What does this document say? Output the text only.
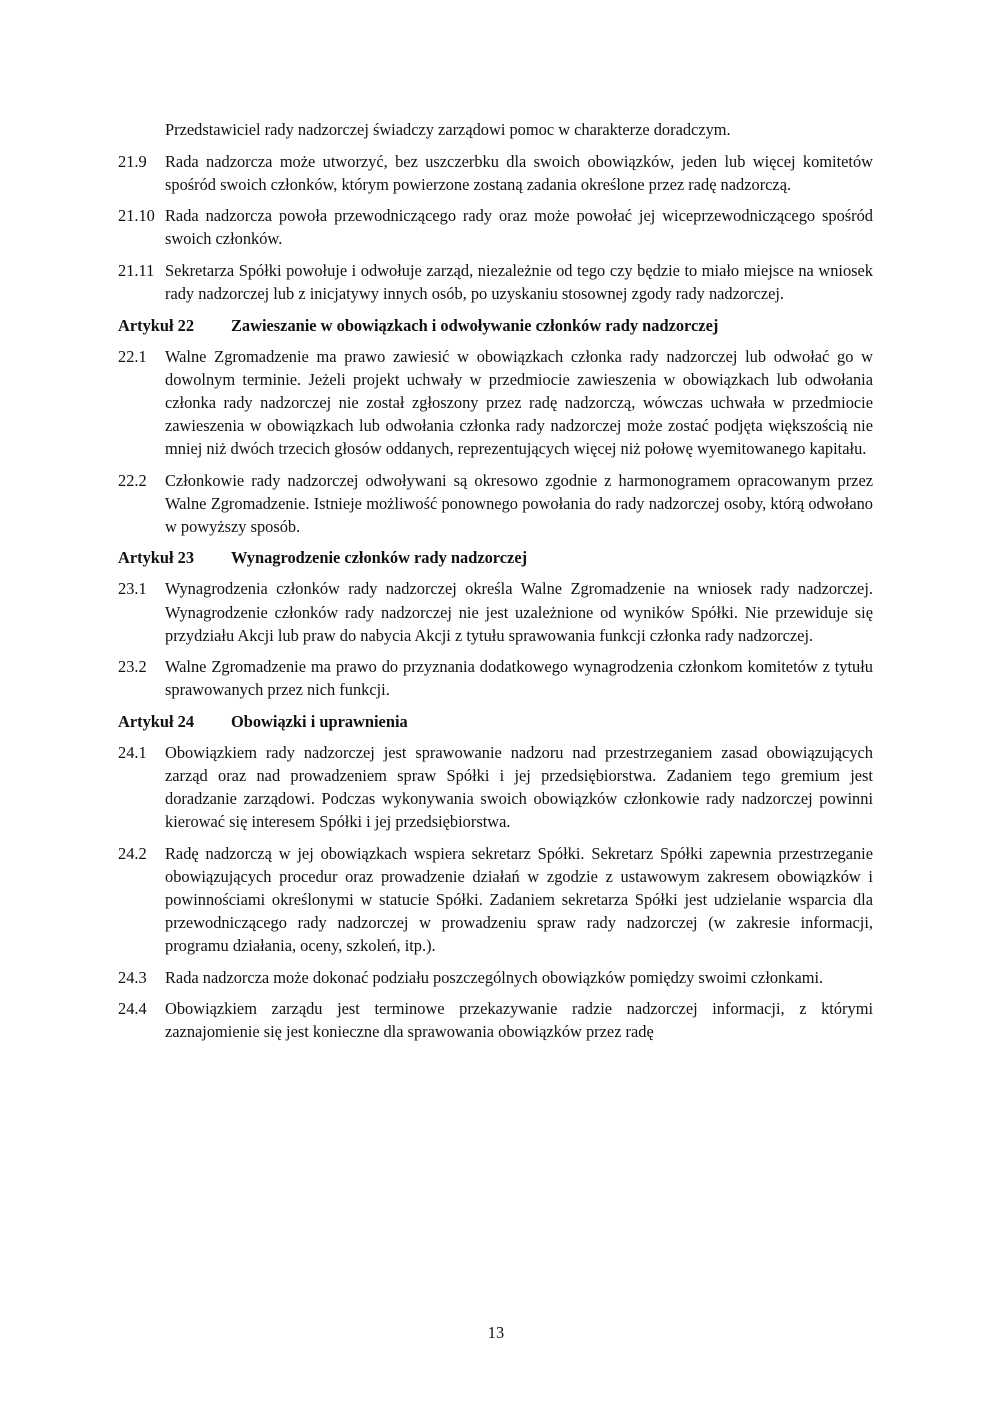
Przedstawiciel rady nadzorczej świadczy zarządowi pomoc w charakterze doradczym.
21.9	Rada nadzorcza może utworzyć, bez uszczerbku dla swoich obowiązków, jeden lub więcej komitetów spośród swoich członków, którym powierzone zostaną zadania określone przez radę nadzorczą.
21.10 Rada nadzorcza powoła przewodniczącego rady oraz może powołać jej wiceprzewodniczącego spośród swoich członków.
21.11 Sekretarza Spółki powołuje i odwołuje zarząd, niezależnie od tego czy będzie to miało miejsce na wniosek rady nadzorczej lub z inicjatywy innych osób, po uzyskaniu stosownej zgody rady nadzorczej.
Artykuł 22	Zawieszanie w obowiązkach i odwoływanie członków rady nadzorczej
22.1	Walne Zgromadzenie ma prawo zawiesić w obowiązkach członka rady nadzorczej lub odwołać go w dowolnym terminie. Jeżeli projekt uchwały w przedmiocie zawieszenia w obowiązkach lub odwołania członka rady nadzorczej nie został zgłoszony przez radę nadzorczą, wówczas uchwała w przedmiocie zawieszenia w obowiązkach lub odwołania członka rady nadzorczej może zostać podjęta większością nie mniej niż dwóch trzecich głosów oddanych, reprezentujących więcej niż połowę wyemitowanego kapitału.
22.2	Członkowie rady nadzorczej odwoływani są okresowo zgodnie z harmonogramem opracowanym przez Walne Zgromadzenie. Istnieje możliwość ponownego powołania do rady nadzorczej osoby, którą odwołano w powyższy sposób.
Artykuł 23	Wynagrodzenie członków rady nadzorczej
23.1	Wynagrodzenia członków rady nadzorczej określa Walne Zgromadzenie na wniosek rady nadzorczej. Wynagrodzenie członków rady nadzorczej nie jest uzależnione od wyników Spółki. Nie przewiduje się przydziału Akcji lub praw do nabycia Akcji z tytułu sprawowania funkcji członka rady nadzorczej.
23.2	Walne Zgromadzenie ma prawo do przyznania dodatkowego wynagrodzenia członkom komitetów z tytułu sprawowanych przez nich funkcji.
Artykuł 24	Obowiązki i uprawnienia
24.1	Obowiązkiem rady nadzorczej jest sprawowanie nadzoru nad przestrzeganiem zasad obowiązujących zarząd oraz nad prowadzeniem spraw Spółki i jej przedsiębiorstwa. Zadaniem tego gremium jest doradzanie zarządowi. Podczas wykonywania swoich obowiązków członkowie rady nadzorczej powinni kierować się interesem Spółki i jej przedsiębiorstwa.
24.2	Radę nadzorczą w jej obowiązkach wspiera sekretarz Spółki. Sekretarz Spółki zapewnia przestrzeganie obowiązujących procedur oraz prowadzenie działań w zgodzie z ustawowym zakresem obowiązków i powinnościami określonymi w statucie Spółki. Zadaniem sekretarza Spółki jest udzielanie wsparcia dla przewodniczącego rady nadzorczej w prowadzeniu spraw rady nadzorczej (w zakresie informacji, programu działania, oceny, szkoleń, itp.).
24.3	Rada nadzorcza może dokonać podziału poszczególnych obowiązków pomiędzy swoimi członkami.
24.4	Obowiązkiem zarządu jest terminowe przekazywanie radzie nadzorczej informacji, z którymi zaznajomienie się jest konieczne dla sprawowania obowiązków przez radę
13
